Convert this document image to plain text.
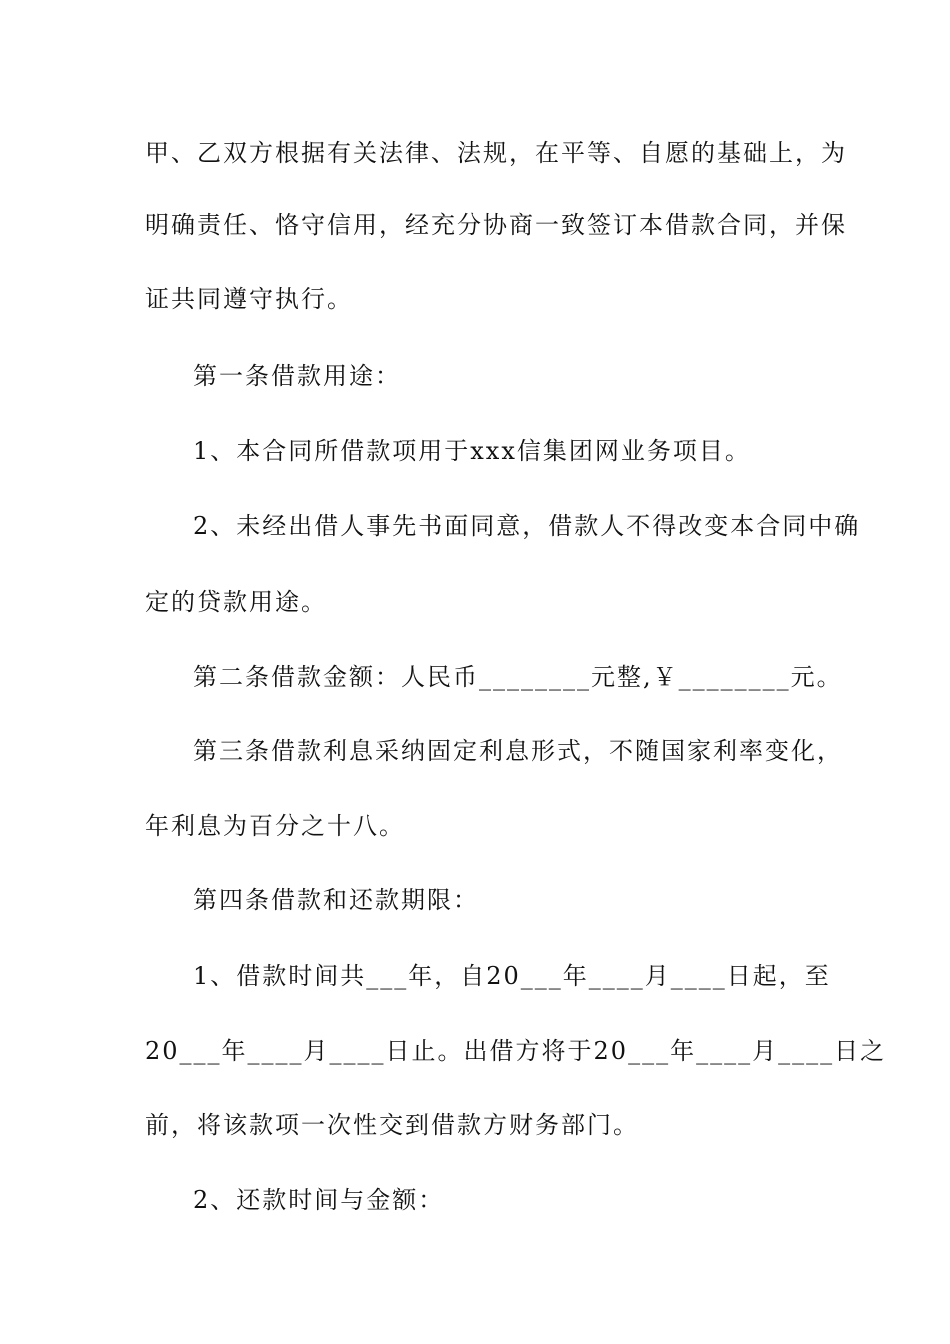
甲、乙双方根据有关法律、法规，在平等、自愿的基础上，为
明确责任、恪守信用，经充分协商一致签订本借款合同，并保
证共同遵守执行。
第一条借款用途：
1、本合同所借款项用于xxx信集团网业务项目。
2、未经出借人事先书面同意，借款人不得改变本合同中确
定的贷款用途。
第二条借款金额：人民币________元整,￥________元。
第三条借款利息采纳固定利息形式，不随国家利率变化，
年利息为百分之十八。
第四条借款和还款期限：
1、借款时间共___年，自20___年____月____日起，至
20___年____月____日止。出借方将于20___年____月____日之
前，将该款项一次性交到借款方财务部门。
2、还款时间与金额：
